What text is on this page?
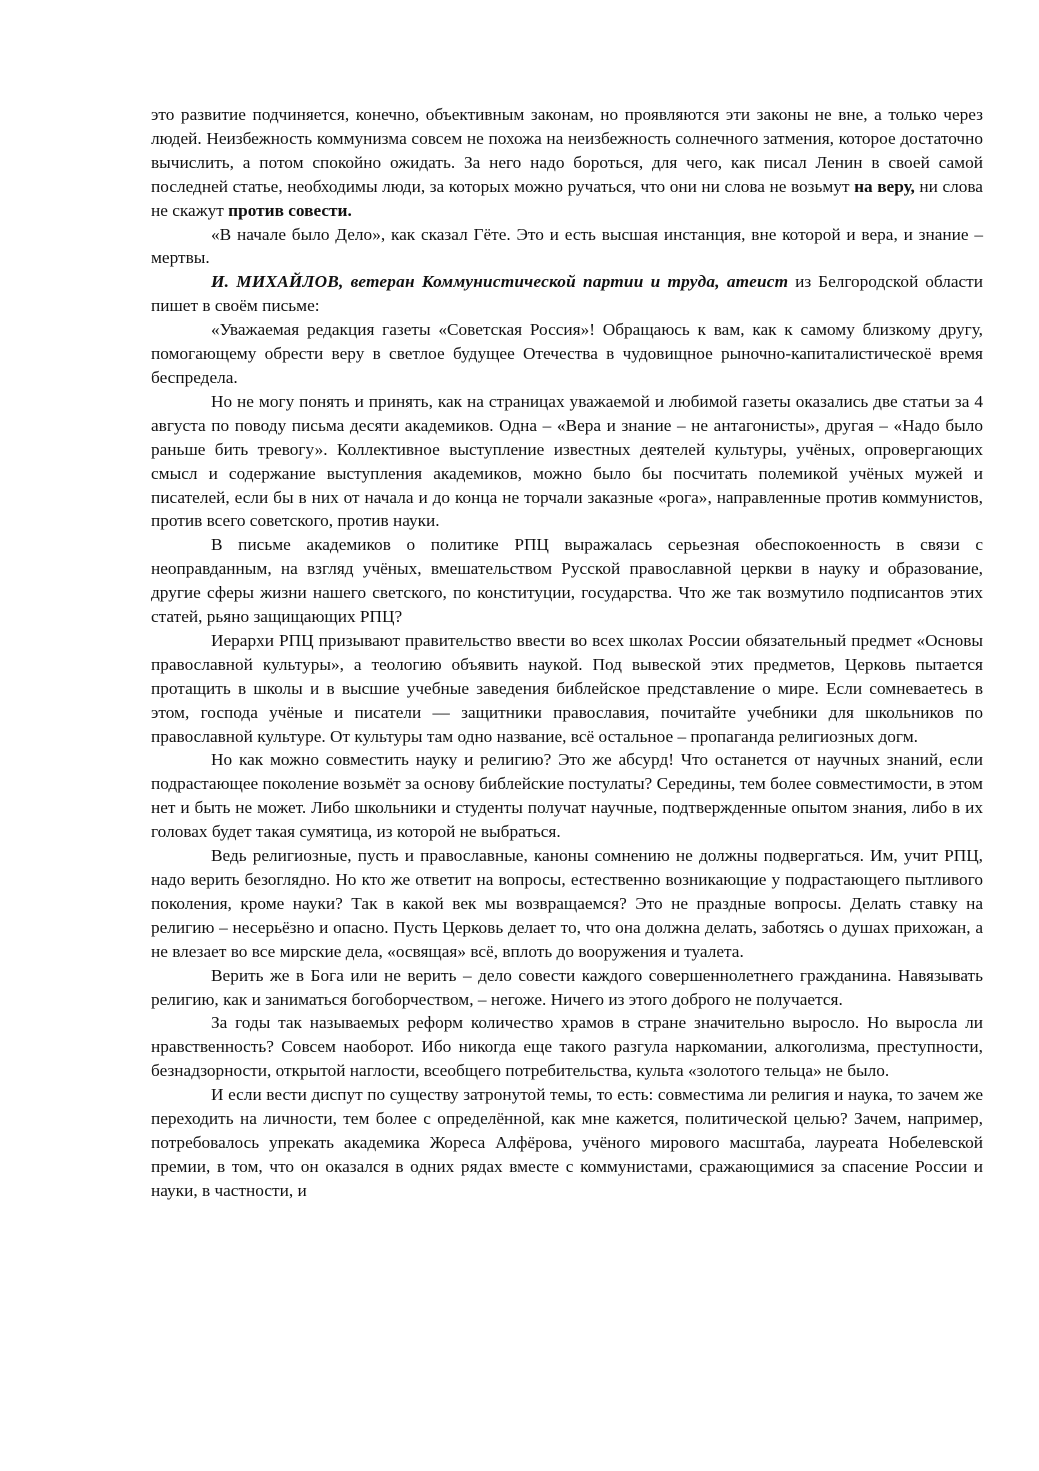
это развитие подчиняется, конечно, объективным законам, но проявляются эти законы не вне, а только через людей. Неизбежность коммунизма совсем не похожа на неизбежность солнечного затмения, которое достаточно вычислить, а потом спокойно ожидать. За него надо бороться, для чего, как писал Ленин в своей самой последней статье, необходимы люди, за которых можно ручаться, что они ни слова не возьмут на веру, ни слова не скажут против совести.

«В начале было Дело», как сказал Гёте. Это и есть высшая инстанция, вне которой и вера, и знание – мертвы.

И. МИХАЙЛОВ, ветеран Коммунистической партии и труда, атеист из Белгородской области пишет в своём письме:

«Уважаемая редакция газеты «Советская Россия»! Обращаюсь к вам, как к самому близкому другу, помогающему обрести веру в светлое будущее Отечества в чудовищное рыночно-капиталистическоё время беспредела.

Но не могу понять и принять, как на страницах уважаемой и любимой газеты оказались две статьи за 4 августа по поводу письма десяти академиков. Одна – «Вера и знание – не антагонисты», другая – «Надо было раньше бить тревогу». Коллективное выступление известных деятелей культуры, учёных, опровергающих смысл и содержание выступления академиков, можно было бы посчитать полемикой учёных мужей и писателей, если бы в них от начала и до конца не торчали заказные «рога», направленные против коммунистов, против всего советского, против науки.

В письме академиков о политике РПЦ выражалась серьезная обеспокоенность в связи с неоправданным, на взгляд учёных, вмешательством Русской православной церкви в науку и образование, другие сферы жизни нашего светского, по конституции, государства. Что же так возмутило подписантов этих статей, рьяно защищающих РПЦ?

Иерархи РПЦ призывают правительство ввести во всех школах России обязательный предмет «Основы православной культуры», а теологию объявить наукой. Под вывеской этих предметов, Церковь пытается протащить в школы и в высшие учебные заведения библейское представление о мире. Если сомневаетесь в этом, господа учёные и писатели — защитники православия, почитайте учебники для школьников по православной культуре. От культуры там одно название, всё остальное – пропаганда религиозных догм.

Но как можно совместить науку и религию? Это же абсурд! Что останется от научных знаний, если подрастающее поколение возьмёт за основу библейские постулаты? Середины, тем более совместимости, в этом нет и быть не может. Либо школьники и студенты получат научные, подтвержденные опытом знания, либо в их головах будет такая сумятица, из которой не выбраться.

Ведь религиозные, пусть и православные, каноны сомнению не должны подвергаться. Им, учит РПЦ, надо верить безоглядно. Но кто же ответит на вопросы, естественно возникающие у подрастающего пытливого поколения, кроме науки? Так в какой век мы возвращаемся? Это не праздные вопросы. Делать ставку на религию – несерьёзно и опасно. Пусть Церковь делает то, что она должна делать, заботясь о душах прихожан, а не влезает во все мирские дела, «освящая» всё, вплоть до вооружения и туалета.

Верить же в Бога или не верить – дело совести каждого совершеннолетнего гражданина. Навязывать религию, как и заниматься богоборчеством, – негоже. Ничего из этого доброго не получается.

За годы так называемых реформ количество храмов в стране значительно выросло. Но выросла ли нравственность? Совсем наоборот. Ибо никогда еще такого разгула наркомании, алкоголизма, преступности, безнадзорности, открытой наглости, всеобщего потребительства, культа «золотого тельца» не было.

И если вести диспут по существу затронутой темы, то есть: совместима ли религия и наука, то зачем же переходить на личности, тем более с определённой, как мне кажется, политической целью? Зачем, например, потребовалось упрекать академика Жореса Алфёрова, учёного мирового масштаба, лауреата Нобелевской премии, в том, что он оказался в одних рядах вместе с коммунистами, сражающимися за спасение России и науки, в частности, и
